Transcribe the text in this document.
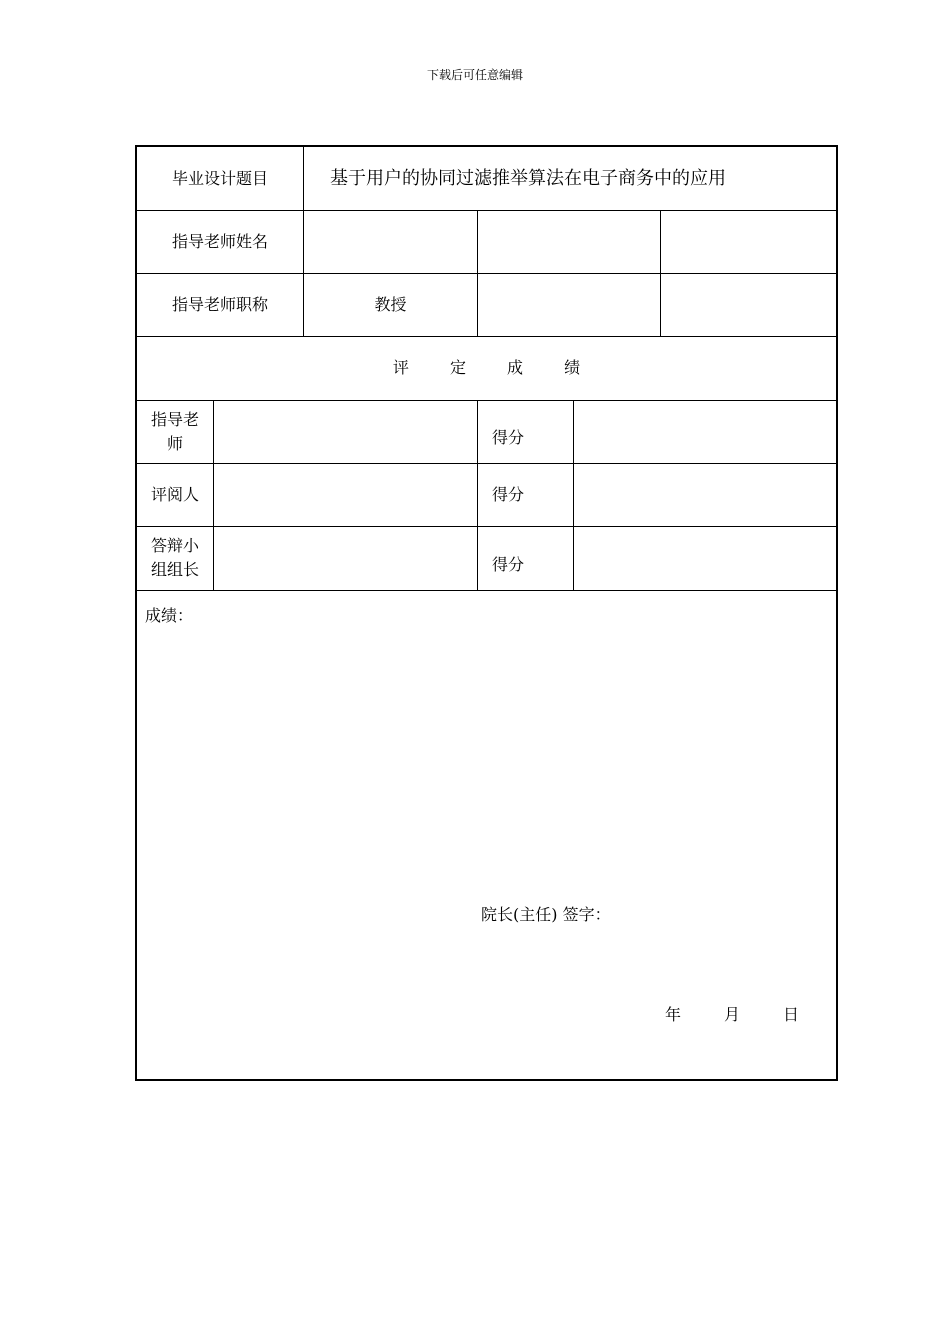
下载后可任意编辑
毕业设计题目	基于用户的协同过滤推举算法在电子商务中的应用
指导老师姓名
指导老师职称	教授
评 定 成 绩
指导老师	得分
评阅人	得分
答辩小组组长	得分
成绩：
院长(主任) 签字：
年	月	日
